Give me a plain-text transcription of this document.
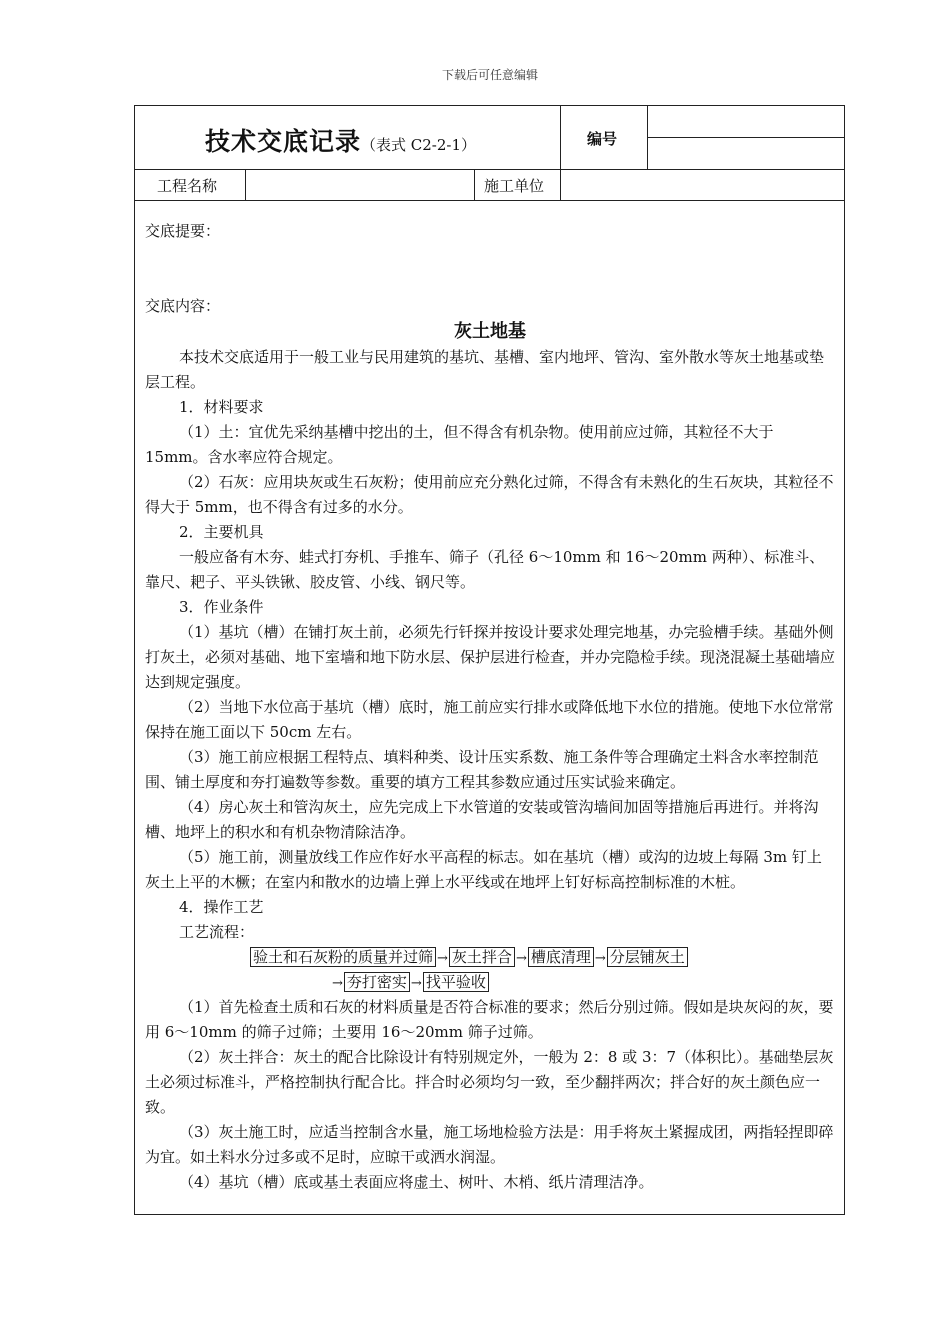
下载后可任意编辑
技术交底记录（表式 C2-2-1）	编号
工程名称	施工单位

交底提要：

交底内容：

灰土地基

本技术交底适用于一般工业与民用建筑的基坑、基槽、室内地坪、管沟、室外散水等灰土地基或垫层工程。

1．材料要求

（1）土：宜优先采纳基槽中挖出的土，但不得含有机杂物。使用前应过筛，其粒径不大于 15mm。含水率应符合规定。

（2）石灰：应用块灰或生石灰粉；使用前应充分熟化过筛，不得含有未熟化的生石灰块，其粒径不得大于 5mm，也不得含有过多的水分。

2．主要机具

一般应备有木夯、蛙式打夯机、手推车、筛子（孔径 6～10mm 和 16～20mm 两种）、标准斗、靠尺、耙子、平头铁锹、胶皮管、小线、钢尺等。

3．作业条件

（1）基坑（槽）在铺打灰土前，必须先行钎探并按设计要求处理完地基，办完验槽手续。基础外侧打灰土，必须对基础、地下室墙和地下防水层、保护层进行检查，并办完隐检手续。现浇混凝土基础墙应达到规定强度。

（2）当地下水位高于基坑（槽）底时，施工前应实行排水或降低地下水位的措施。使地下水位常常保持在施工面以下 50cm 左右。

（3）施工前应根据工程特点、填料种类、设计压实系数、施工条件等合理确定土料含水率控制范围、铺土厚度和夯打遍数等参数。重要的填方工程其参数应通过压实试验来确定。

（4）房心灰土和管沟灰土，应先完成上下水管道的安装或管沟墙间加固等措施后再进行。并将沟槽、地坪上的积水和有机杂物清除洁净。

（5）施工前，测量放线工作应作好水平高程的标志。如在基坑（槽）或沟的边坡上每隔 3m 钉上灰土上平的木橛；在室内和散水的边墙上弹上水平线或在地坪上钉好标高控制标准的木桩。

4．操作工艺

工艺流程：

验土和石灰粉的质量并过筛 → 灰土拌合 → 槽底清理 → 分层铺灰土
→ 夯打密实 → 找平验收

（1）首先检查土质和石灰的材料质量是否符合标准的要求；然后分别过筛。假如是块灰闷的灰，要用 6～10mm 的筛子过筛；土要用 16～20mm 筛子过筛。

（2）灰土拌合：灰土的配合比除设计有特别规定外，一般为 2：8 或 3：7（体积比）。基础垫层灰土必须过标准斗，严格控制执行配合比。拌合时必须均匀一致，至少翻拌两次；拌合好的灰土颜色应一致。

（3）灰土施工时，应适当控制含水量，施工场地检验方法是：用手将灰土紧握成团，两指轻捏即碎为宜。如土料水分过多或不足时，应晾干或洒水润湿。

（4）基坑（槽）底或基土表面应将虚土、树叶、木梢、纸片清理洁净。
